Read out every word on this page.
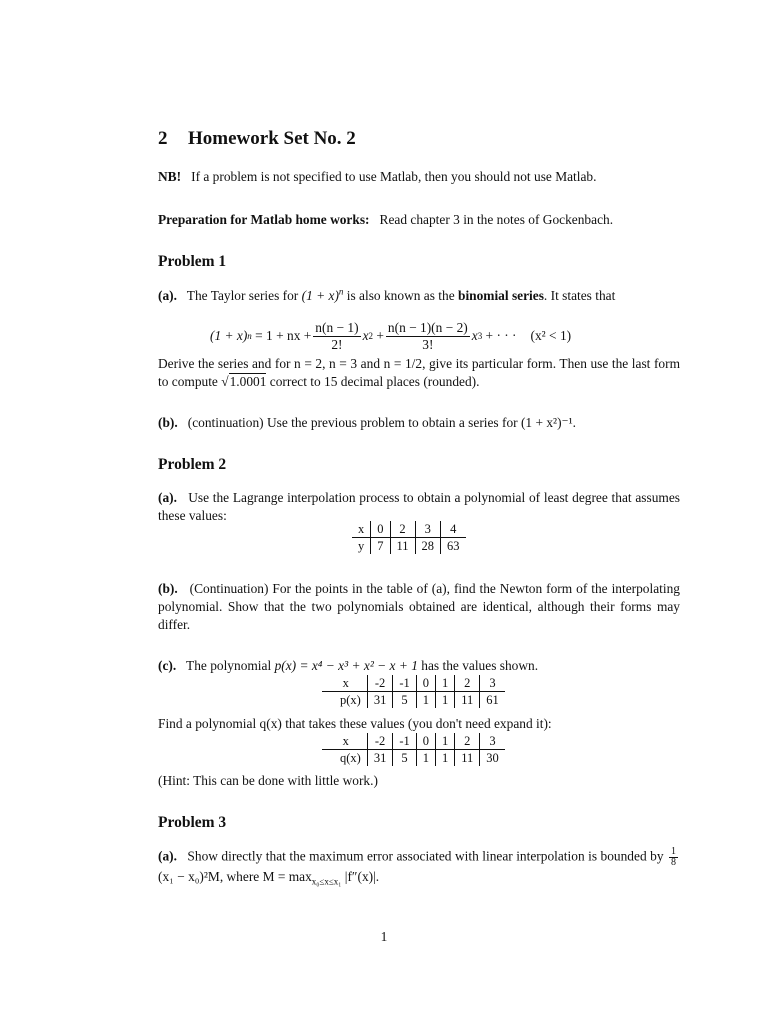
2 Homework Set No. 2
NB! If a problem is not specified to use Matlab, then you should not use Matlab.
Preparation for Matlab home works: Read chapter 3 in the notes of Gockenbach.
Problem 1
(a). The Taylor series for $(1 + x)^n$ is also known as the binomial series. It states that
(1 + x) n
= 1 + nx + $\frac{n(n - 1)}{2!}$ x $2 + \frac{n(n - 1)(n - 2)}{3!}$ x 3
+ · · · (x² < 1)
Derive the series and for n = 2, n = 3 and n = 1/2, give its particular form. Then use the last form to compute √1.0001 correct to 15 decimal places (rounded).
(b). (continuation) Use the previous problem to obtain a series for (1 + x²)⁻¹.
Problem 2
(a). Use the Lagrange interpolation process to obtain a polynomial of least degree that assumes these values:
x	0	2	3	4
y	7	11	28	63
(b). (Continuation) For the points in the table of (a), find the Newton form of the interpolating polynomial. Show that the two polynomials obtained are identical, although their forms may differ.
(c). The polynomial p(x) = x⁴ − x³ + x² − x + 1 has the values shown.
x	-2	-1	0	1	2	3
p(x)	31	5	1	1	11	61
Find a polynomial q(x) that takes these values (you don't need expand it):
x	-2	-1	0	1	2	3
q(x)	31	5	1	1	11	30
(Hint: This can be done with little work.)
Problem 3
(a). Show directly that the maximum error associated with linear interpolation is bounded by $\frac{1}{8}$
(x₁ − x₀)²M, where $M = \max_{x_0\le x\le x_1} |f''(x)|$.
1
